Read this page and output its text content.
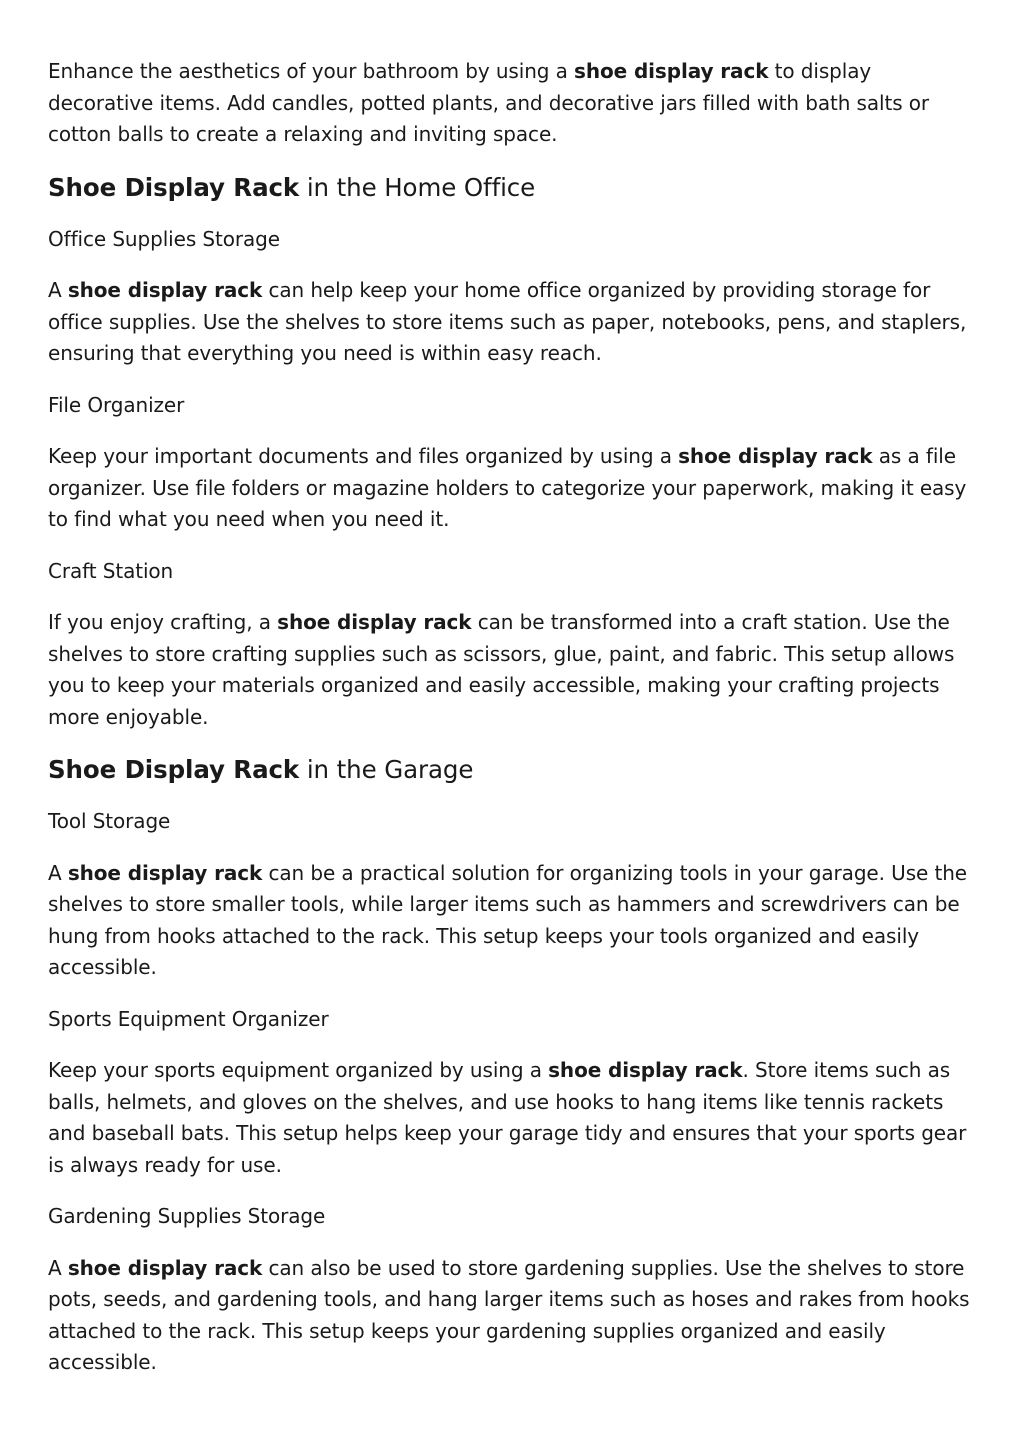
Enhance the aesthetics of your bathroom by using a shoe display rack to display decorative items. Add candles, potted plants, and decorative jars filled with bath salts or cotton balls to create a relaxing and inviting space.

Shoe Display Rack in the Home Office

Office Supplies Storage

A shoe display rack can help keep your home office organized by providing storage for office supplies. Use the shelves to store items such as paper, notebooks, pens, and staplers, ensuring that everything you need is within easy reach.

File Organizer

Keep your important documents and files organized by using a shoe display rack as a file organizer. Use file folders or magazine holders to categorize your paperwork, making it easy to find what you need when you need it.

Craft Station

If you enjoy crafting, a shoe display rack can be transformed into a craft station. Use the shelves to store crafting supplies such as scissors, glue, paint, and fabric. This setup allows you to keep your materials organized and easily accessible, making your crafting projects more enjoyable.

Shoe Display Rack in the Garage

Tool Storage

A shoe display rack can be a practical solution for organizing tools in your garage. Use the shelves to store smaller tools, while larger items such as hammers and screwdrivers can be hung from hooks attached to the rack. This setup keeps your tools organized and easily accessible.

Sports Equipment Organizer

Keep your sports equipment organized by using a shoe display rack. Store items such as balls, helmets, and gloves on the shelves, and use hooks to hang items like tennis rackets and baseball bats. This setup helps keep your garage tidy and ensures that your sports gear is always ready for use.

Gardening Supplies Storage

A shoe display rack can also be used to store gardening supplies. Use the shelves to store pots, seeds, and gardening tools, and hang larger items such as hoses and rakes from hooks attached to the rack. This setup keeps your gardening supplies organized and easily accessible.
